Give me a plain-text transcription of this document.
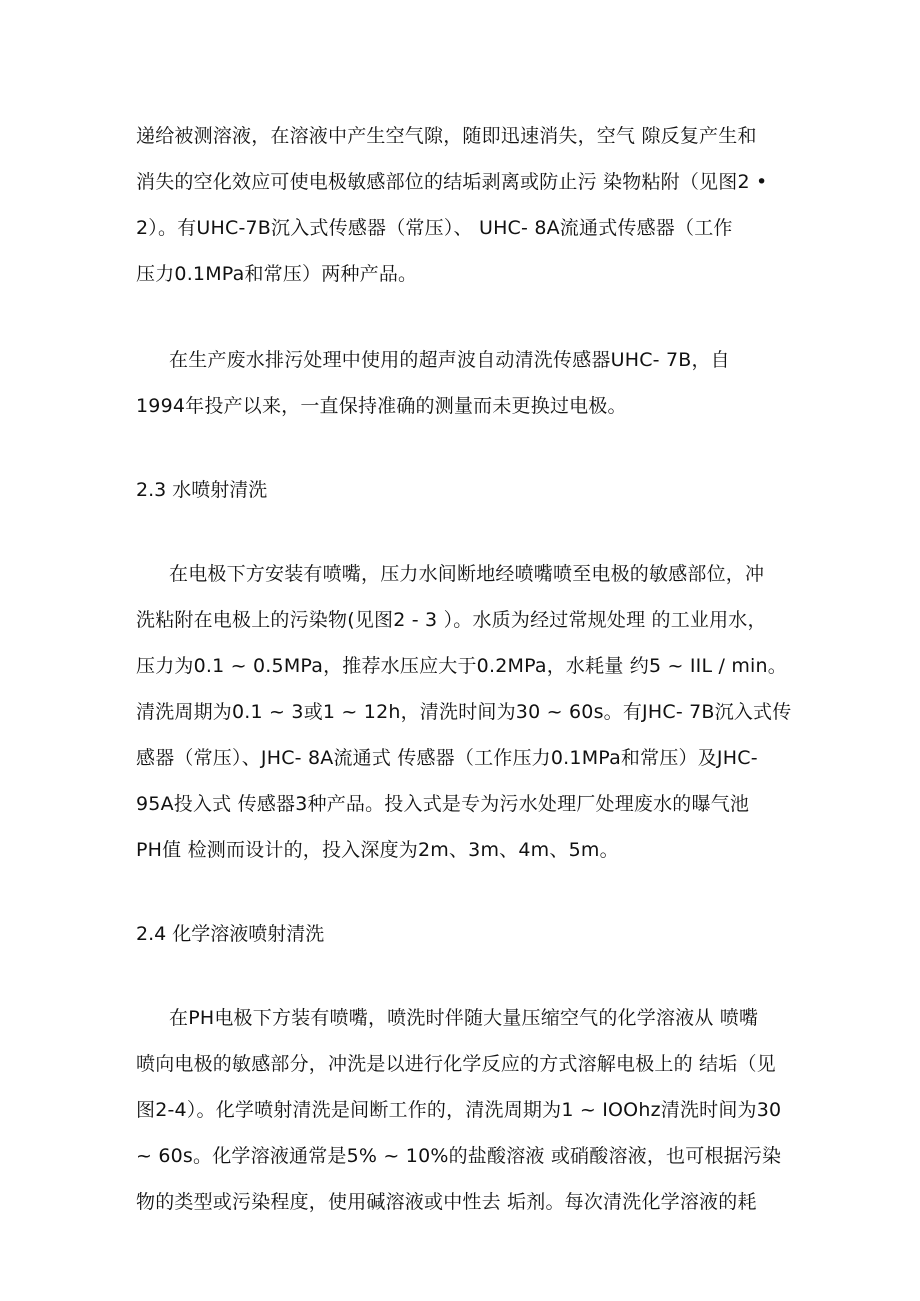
递给被测溶液，在溶液中产生空气隙，随即迅速消失，空气 隙反复产生和
消失的空化效应可使电极敏感部位的结垢剥离或防止污 染物粘附（见图2 •
2）。有UHC-7B沉入式传感器（常压）、 UHC- 8A流通式传感器（工作
压力0.1MPa和常压）两种产品。
在生产废水排污处理中使用的超声波自动清洗传感器UHC- 7B，自
1994年投产以来，一直保持准确的测量而未更换过电极。
2.3 水喷射清洗
在电极下方安装有喷嘴，压力水间断地经喷嘴喷至电极的敏感部位，冲
洗粘附在电极上的污染物(见图2 - 3 ）。水质为经过常规处理 的工业用水，
压力为0.1 ~ 0.5MPa，推荐水压应大于0.2MPa，水耗量 约5 ~ IIL / min。
清洗周期为0.1 ~ 3或1 ~ 12h，清洗时间为30 ~ 60s。有JHC- 7B沉入式传
感器（常压）、JHC- 8A流通式 传感器（工作压力0.1MPa和常压）及JHC-
95A投入式 传感器3种产品。投入式是专为污水处理厂处理废水的曝气池
PH值 检测而设计的，投入深度为2m、3m、4m、5m。
2.4 化学溶液喷射清洗
在PH电极下方装有喷嘴，喷洗时伴随大量压缩空气的化学溶液从 喷嘴
喷向电极的敏感部分，冲洗是以进行化学反应的方式溶解电极上的 结垢（见
图2-4）。化学喷射清洗是间断工作的，清洗周期为1 ~ IOOhz清洗时间为30
~ 60s。化学溶液通常是5% ~ 10%的盐酸溶液 或硝酸溶液，也可根据污染
物的类型或污染程度，使用碱溶液或中性去 垢剂。每次清洗化学溶液的耗
